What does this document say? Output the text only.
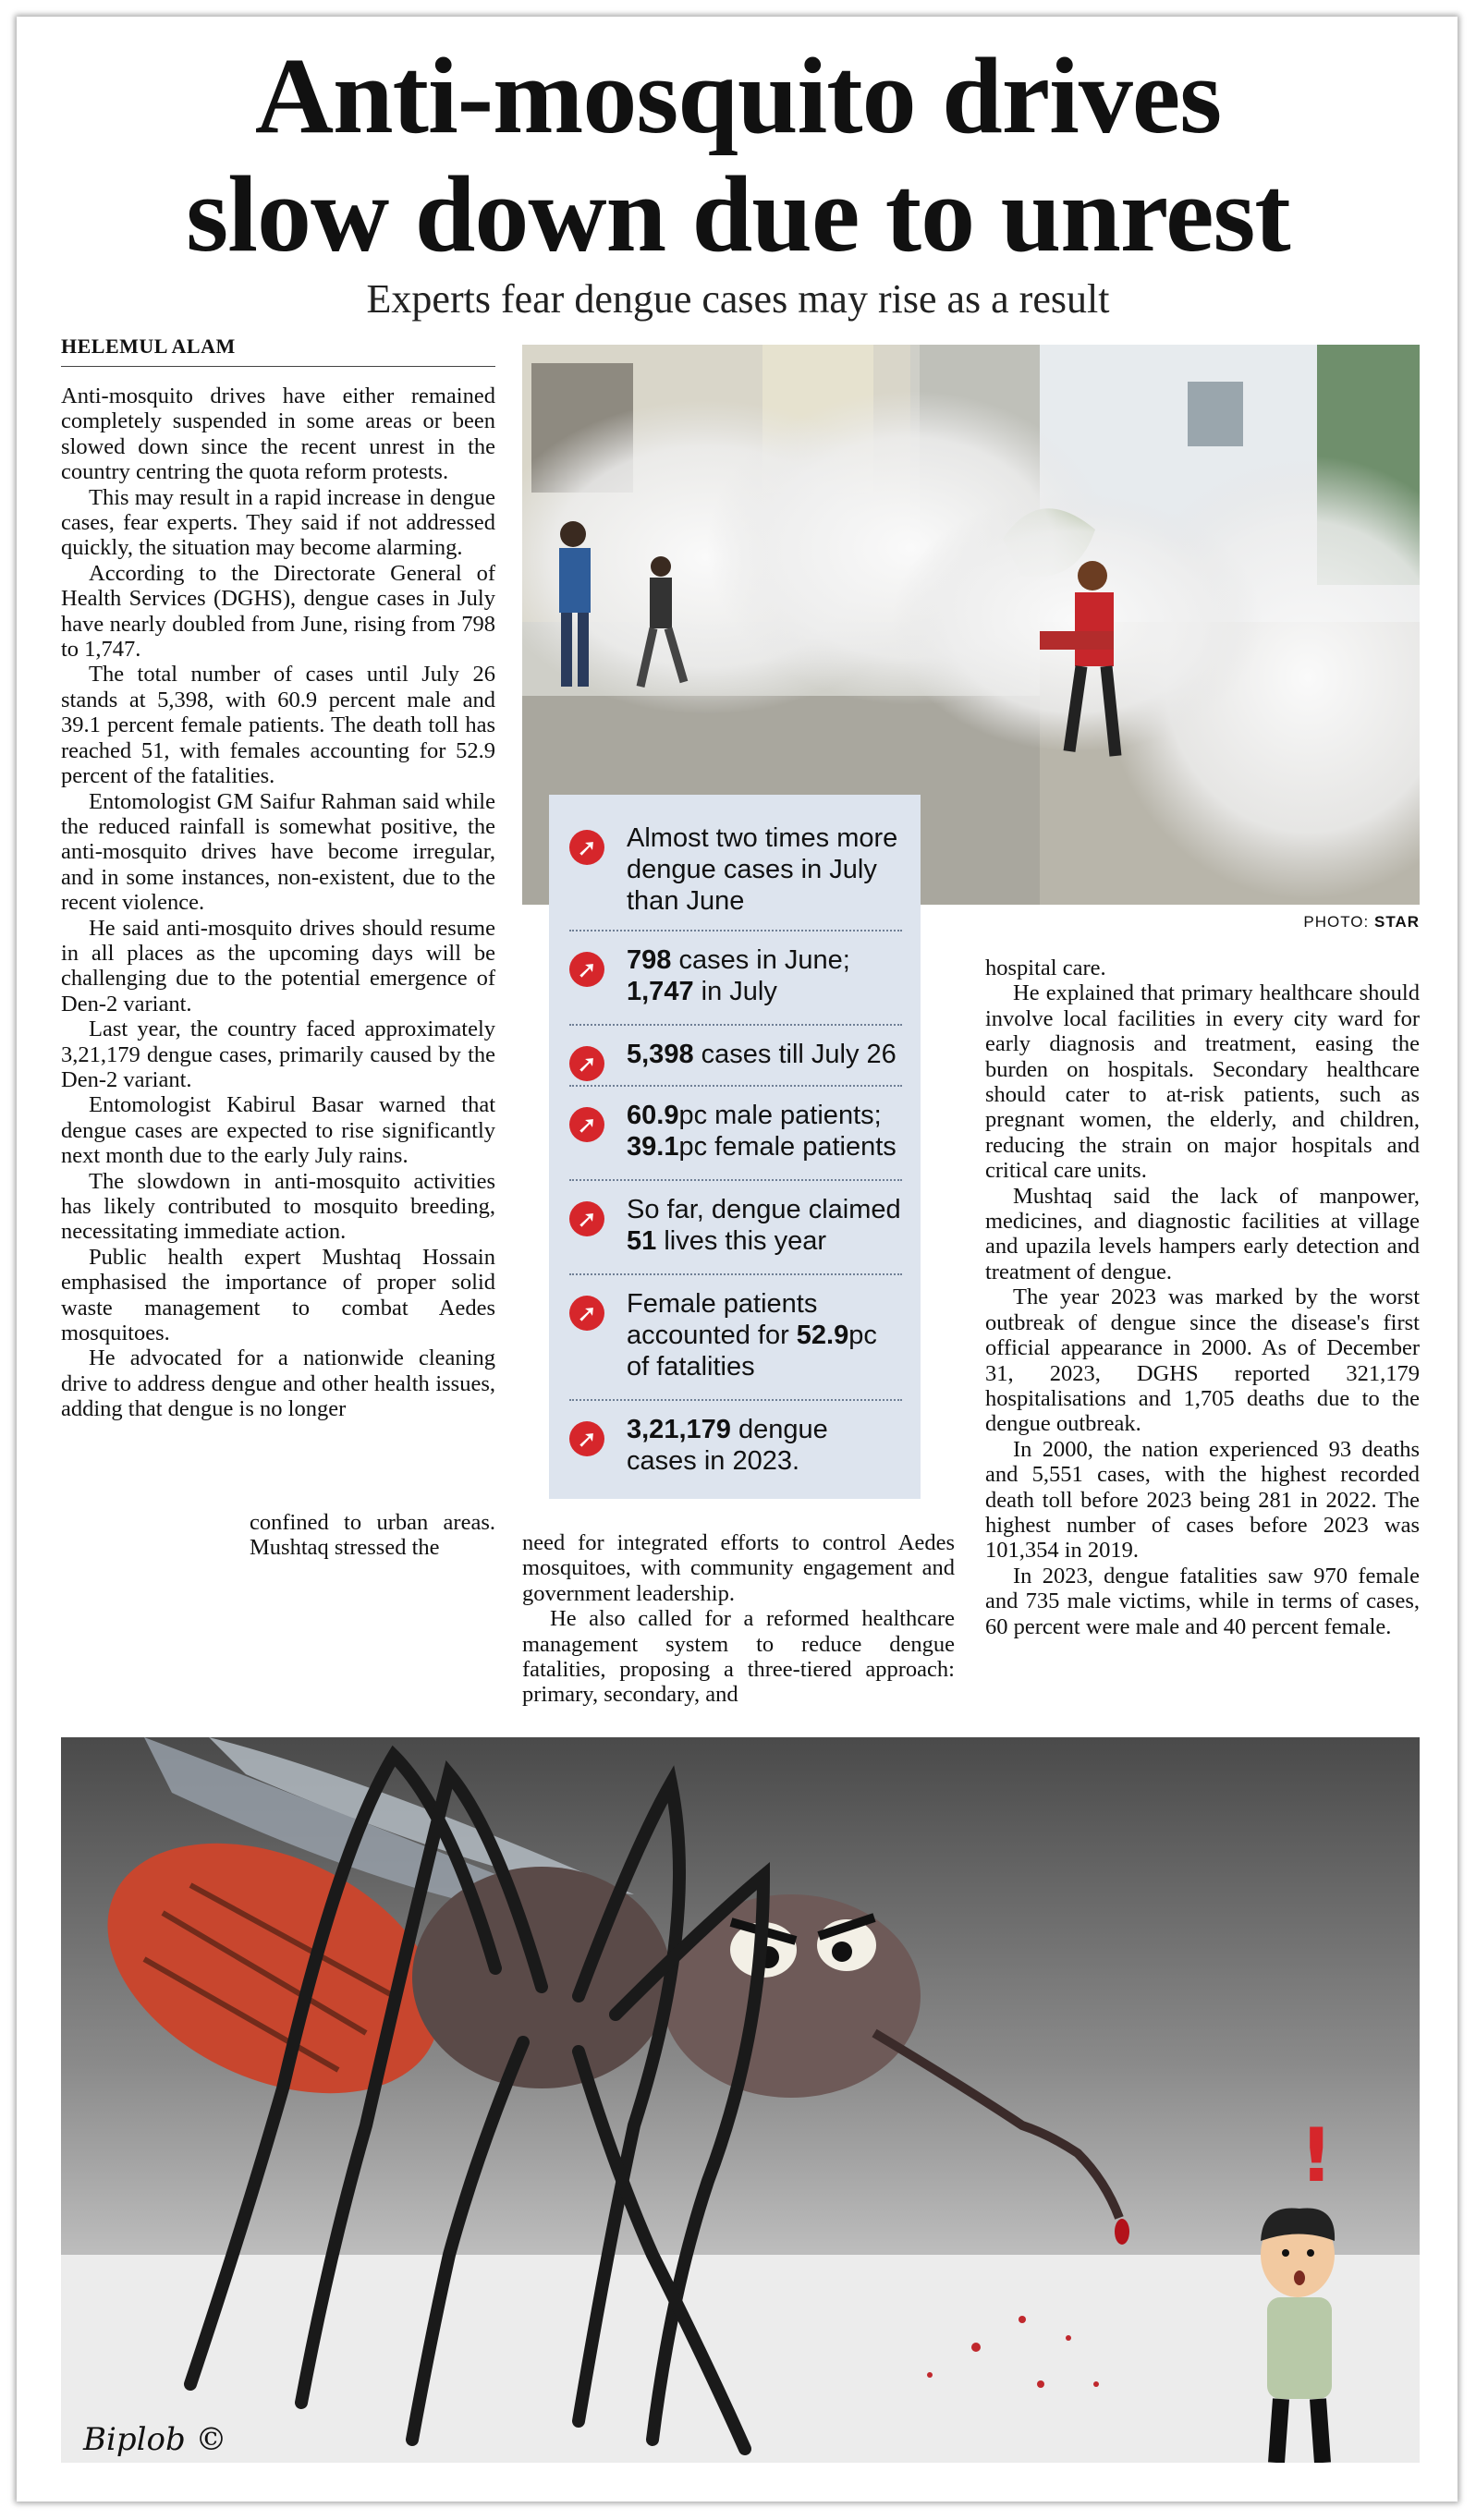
Anti-mosquito drives
slow down due to unrest
Experts fear dengue cases may rise as a result
HELEMUL ALAM

Anti-mosquito drives have either remained completely suspended in some areas or been slowed down since the recent unrest in the country centring the quota reform protests.

This may result in a rapid increase in dengue cases, fear experts. They said if not addressed quickly, the situation may become alarming.

According to the Directorate General of Health Services (DGHS), dengue cases in July have nearly doubled from June, rising from 798 to 1,747.

The total number of cases until July 26 stands at 5,398, with 60.9 percent male and 39.1 percent female patients. The death toll has reached 51, with females accounting for 52.9 percent of the fatalities.

Entomologist GM Saifur Rahman said while the reduced rainfall is somewhat positive, the anti-mosquito drives have become irregular, and in some instances, non-existent, due to the recent violence.

He said anti-mosquito drives should resume in all places as the upcoming days will be challenging due to the potential emergence of Den-2 variant.

Last year, the country faced approximately 3,21,179 dengue cases, primarily caused by the Den-2 variant.

Entomologist Kabirul Basar warned that dengue cases are expected to rise significantly next month due to the early July rains.

The slowdown in anti-mosquito activities has likely contributed to mosquito breeding, necessitating immediate action.

Public health expert Mushtaq Hossain emphasised the importance of proper solid waste management to combat Aedes mosquitoes.

He advocated for a nationwide cleaning drive to address dengue and other health issues, adding that dengue is no longer

confined to urban areas. Mushtaq stressed the
PHOTO: STAR
➚ Almost two times more dengue cases in July than June
➚ 798 cases in June;
1,747 in July
➚ 5,398 cases till July 26
➚ 60.9pc male patients;
39.1pc female patients
➚ So far, dengue claimed 51 lives this year
➚ Female patients accounted for 52.9pc of fatalities
➚ 3,21,179 dengue cases in 2023.

need for integrated efforts to control Aedes mosquitoes, with community engagement and government leadership.

He also called for a reformed healthcare management system to reduce dengue fatalities, proposing a three-tiered approach: primary, secondary, and

hospital care.

He explained that primary healthcare should involve local facilities in every city ward for early diagnosis and treatment, easing the burden on hospitals. Secondary healthcare should cater to at-risk patients, such as pregnant women, the elderly, and children, reducing the strain on major hospitals and critical care units.

Mushtaq said the lack of manpower, medicines, and diagnostic facilities at village and upazila levels hampers early detection and treatment of dengue.

The year 2023 was marked by the worst outbreak of dengue since the disease's first official appearance in 2000. As of December 31, 2023, DGHS reported 321,179 hospitalisations and 1,705 deaths due to the dengue outbreak.

In 2000, the nation experienced 93 deaths and 5,551 cases, with the highest recorded death toll before 2023 being 281 in 2022. The highest number of cases before 2023 was 101,354 in 2019.

In 2023, dengue fatalities saw 970 female and 735 male victims, while in terms of cases, 60 percent were male and 40 percent female.

!
Biplob ©
